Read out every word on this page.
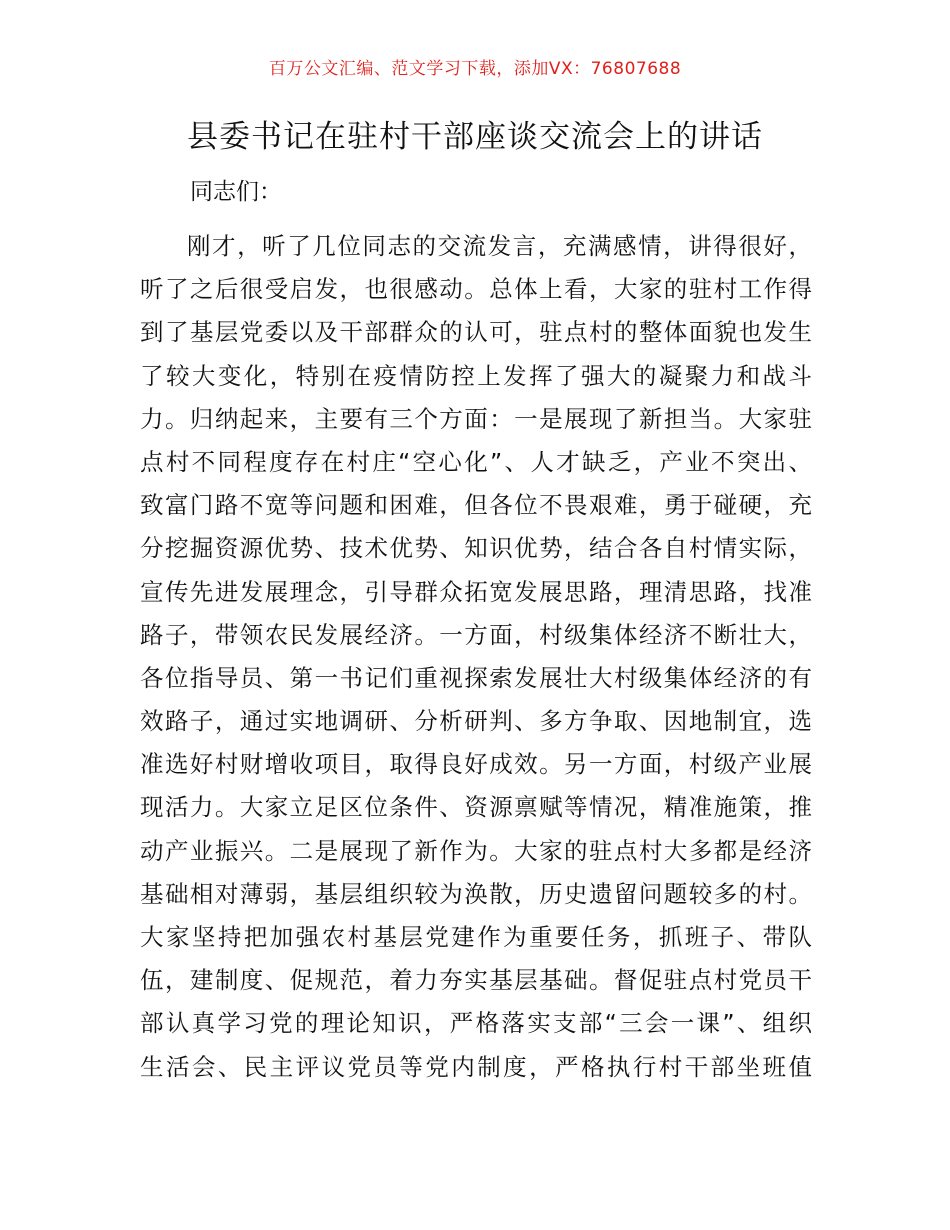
百万公文汇编、范文学习下载，添加VX：76807688
县委书记在驻村干部座谈交流会上的讲话

同志们：

刚才，听了几位同志的交流发言，充满感情，讲得很好，
听了之后很受启发，也很感动。总体上看，大家的驻村工作得
到了基层党委以及干部群众的认可，驻点村的整体面貌也发生
了较大变化，特别在疫情防控上发挥了强大的凝聚力和战斗
力。归纳起来，主要有三个方面：一是展现了新担当。大家驻
点村不同程度存在村庄“空心化”、人才缺乏，产业不突出、
致富门路不宽等问题和困难，但各位不畏艰难，勇于碰硬，充
分挖掘资源优势、技术优势、知识优势，结合各自村情实际，
宣传先进发展理念，引导群众拓宽发展思路，理清思路，找准
路子，带领农民发展经济。一方面，村级集体经济不断壮大，
各位指导员、第一书记们重视探索发展壮大村级集体经济的有
效路子，通过实地调研、分析研判、多方争取、因地制宜，选
准选好村财增收项目，取得良好成效。另一方面，村级产业展
现活力。大家立足区位条件、资源禀赋等情况，精准施策，推
动产业振兴。二是展现了新作为。大家的驻点村大多都是经济
基础相对薄弱，基层组织较为涣散，历史遗留问题较多的村。
大家坚持把加强农村基层党建作为重要任务，抓班子、带队
伍，建制度、促规范，着力夯实基层基础。督促驻点村党员干
部认真学习党的理论知识，严格落实支部“三会一课”、组织
生活会、民主评议党员等党内制度，严格执行村干部坐班值
